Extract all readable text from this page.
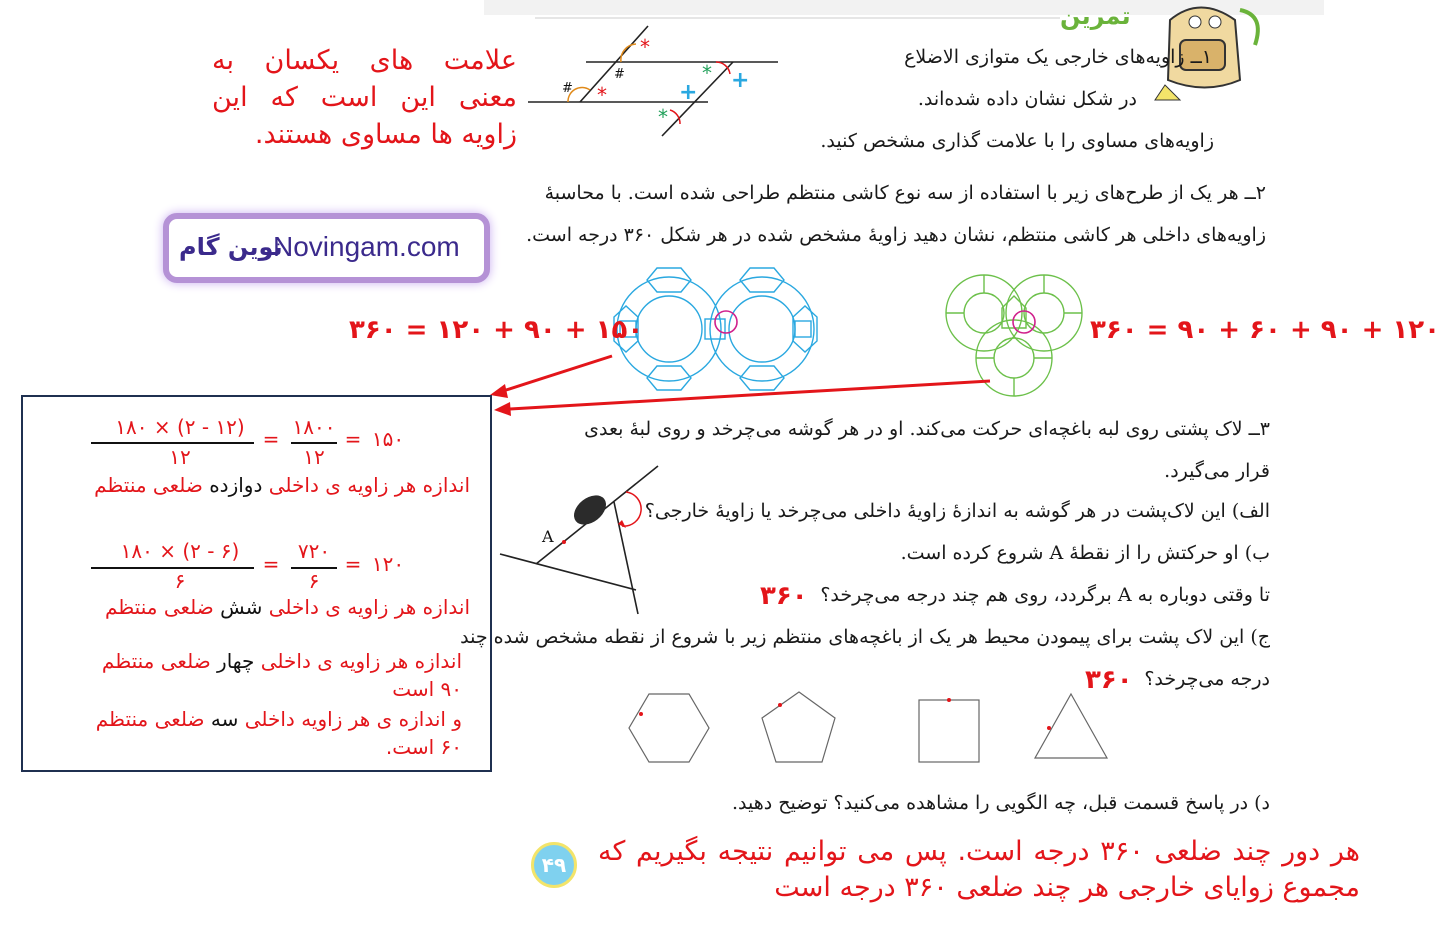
تمرین
۱ــ زاویه‌های خارجی یک متوازی الاضلاع
در شکل نشان داده شده‌اند.
زاویه‌های مساوی را با علامت گذاری مشخص کنید.
*
*
*
*
#
#
+ +
علامت های یکسان به معنی این است که این زاویه ها مساوی هستند.
Novingam.com
نوین گام
۲ــ هر یک از طرح‌های زیر با استفاده از سه نوع کاشی منتظم طراحی شده است. با محاسبهٔ
زاویه‌های داخلی هر کاشی منتظم، نشان دهید زاویهٔ مشخص شده در هر شکل ۳۶۰ درجه است.
۱۵۰ + ۹۰ + ۱۲۰ = ۳۶۰	۱۲۰ + ۹۰ + ۶۰ + ۹۰ = ۳۶۰
۱۸۰ × (۲ - ۱۲)
۱۲
= ۱۸۰۰
۱۲
= ۱۵۰
اندازه هر زاویه ی داخلی دوازده ضلعی منتظم
۱۸۰ × (۲ - ۶)
۶
=
۷۲۰
۶
= ۱۲۰
اندازه هر زاویه ی داخلی شش ضلعی منتظم
اندازه هر زاویه ی داخلی چهار ضلعی منتظم
۹۰ است
و اندازه ی هر زاویه داخلی سه ضلعی منتظم
۶۰ است.
۳ــ لاک پشتی روی لبه باغچه‌ای حرکت می‌کند. او در هر گوشه می‌چرخد و روی لبهٔ بعدی
قرار می‌گیرد.
الف) این لاک‌پشت در هر گوشه به اندازهٔ زاویهٔ داخلی می‌چرخد یا زاویهٔ خارجی؟
ب) او حرکتش را از نقطهٔ A شروع کرده است.
تا وقتی دوباره به A برگردد، روی هم چند درجه می‌چرخد؟
۳۶۰
ج) این لاک پشت برای پیمودن محیط هر یک از باغچه‌های منتظم زیر با شروع از نقطه مشخص شده چند
درجه می‌چرخد؟
۳۶۰
د) در پاسخ قسمت قبل، چه الگویی را مشاهده می‌کنید؟ توضیح دهید.
A
۴۹	هر دور چند ضلعی ۳۶۰ درجه است. پس می توانیم نتیجه بگیریم که مجموع زوایای خارجی هر چند ضلعی ۳۶۰ درجه است
